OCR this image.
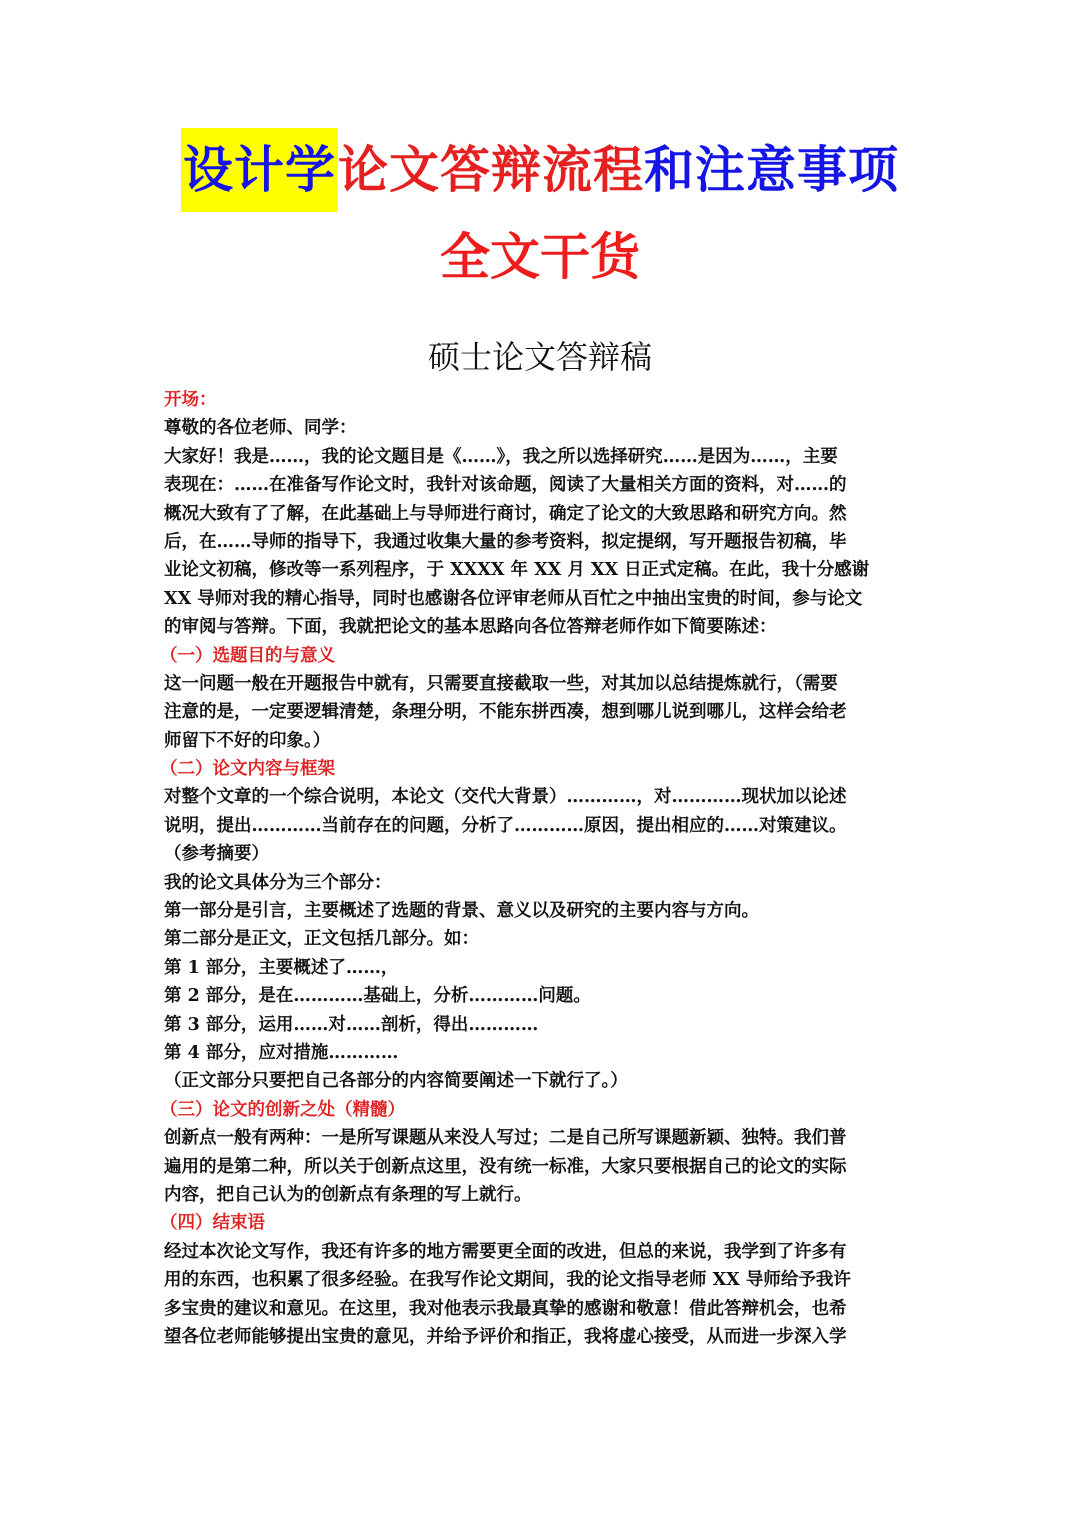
设计学 论文答辩流程 和注意事项
全文干货
硕士论文答辩稿
开场：
尊敬的各位老师、同学：
大家好！我是……，我的论文题目是《……》，我之所以选择研究……是因为……，主要
表现在：……在准备写作论文时，我针对该命题，阅读了大量相关方面的资料，对……的
概况大致有了了解，在此基础上与导师进行商讨，确定了论文的大致思路和研究方向。然
后，在……导师的指导下，我通过收集大量的参考资料，拟定提纲，写开题报告初稿，毕
业论文初稿，修改等一系列程序，于 XXXX 年 XX 月 XX 日正式定稿。在此，我十分感谢
XX 导师对我的精心指导，同时也感谢各位评审老师从百忙之中抽出宝贵的时间，参与论文
的审阅与答辩。下面，我就把论文的基本思路向各位答辩老师作如下简要陈述：
（一）选题目的与意义
这一问题一般在开题报告中就有，只需要直接截取一些，对其加以总结提炼就行，（需要
注意的是，一定要逻辑清楚，条理分明，不能东拼西凑，想到哪儿说到哪儿，这样会给老
师留下不好的印象。）
（二）论文内容与框架
对整个文章的一个综合说明，本论文（交代大背景）…………，对…………现状加以论述
说明，提出…………当前存在的问题，分析了…………原因，提出相应的……对策建议。
（参考摘要）
我的论文具体分为三个部分：
第一部分是引言，主要概述了选题的背景、意义以及研究的主要内容与方向。
第二部分是正文，正文包括几部分。如：
第 1 部分，主要概述了……，
第 2 部分，是在…………基础上，分析…………问题。
第 3 部分，运用……对……剖析，得出…………
第 4 部分，应对措施…………
（正文部分只要把自己各部分的内容简要阐述一下就行了。）
（三）论文的创新之处（精髓）
创新点一般有两种：一是所写课题从来没人写过；二是自己所写课题新颖、独特。我们普
遍用的是第二种，所以关于创新点这里，没有统一标准，大家只要根据自己的论文的实际
内容，把自己认为的创新点有条理的写上就行。
（四）结束语
经过本次论文写作，我还有许多的地方需要更全面的改进，但总的来说，我学到了许多有
用的东西，也积累了很多经验。在我写作论文期间，我的论文指导老师 XX 导师给予我许
多宝贵的建议和意见。在这里，我对他表示我最真挚的感谢和敬意！借此答辩机会，也希
望各位老师能够提出宝贵的意见，并给予评价和指正，我将虚心接受，从而进一步深入学
